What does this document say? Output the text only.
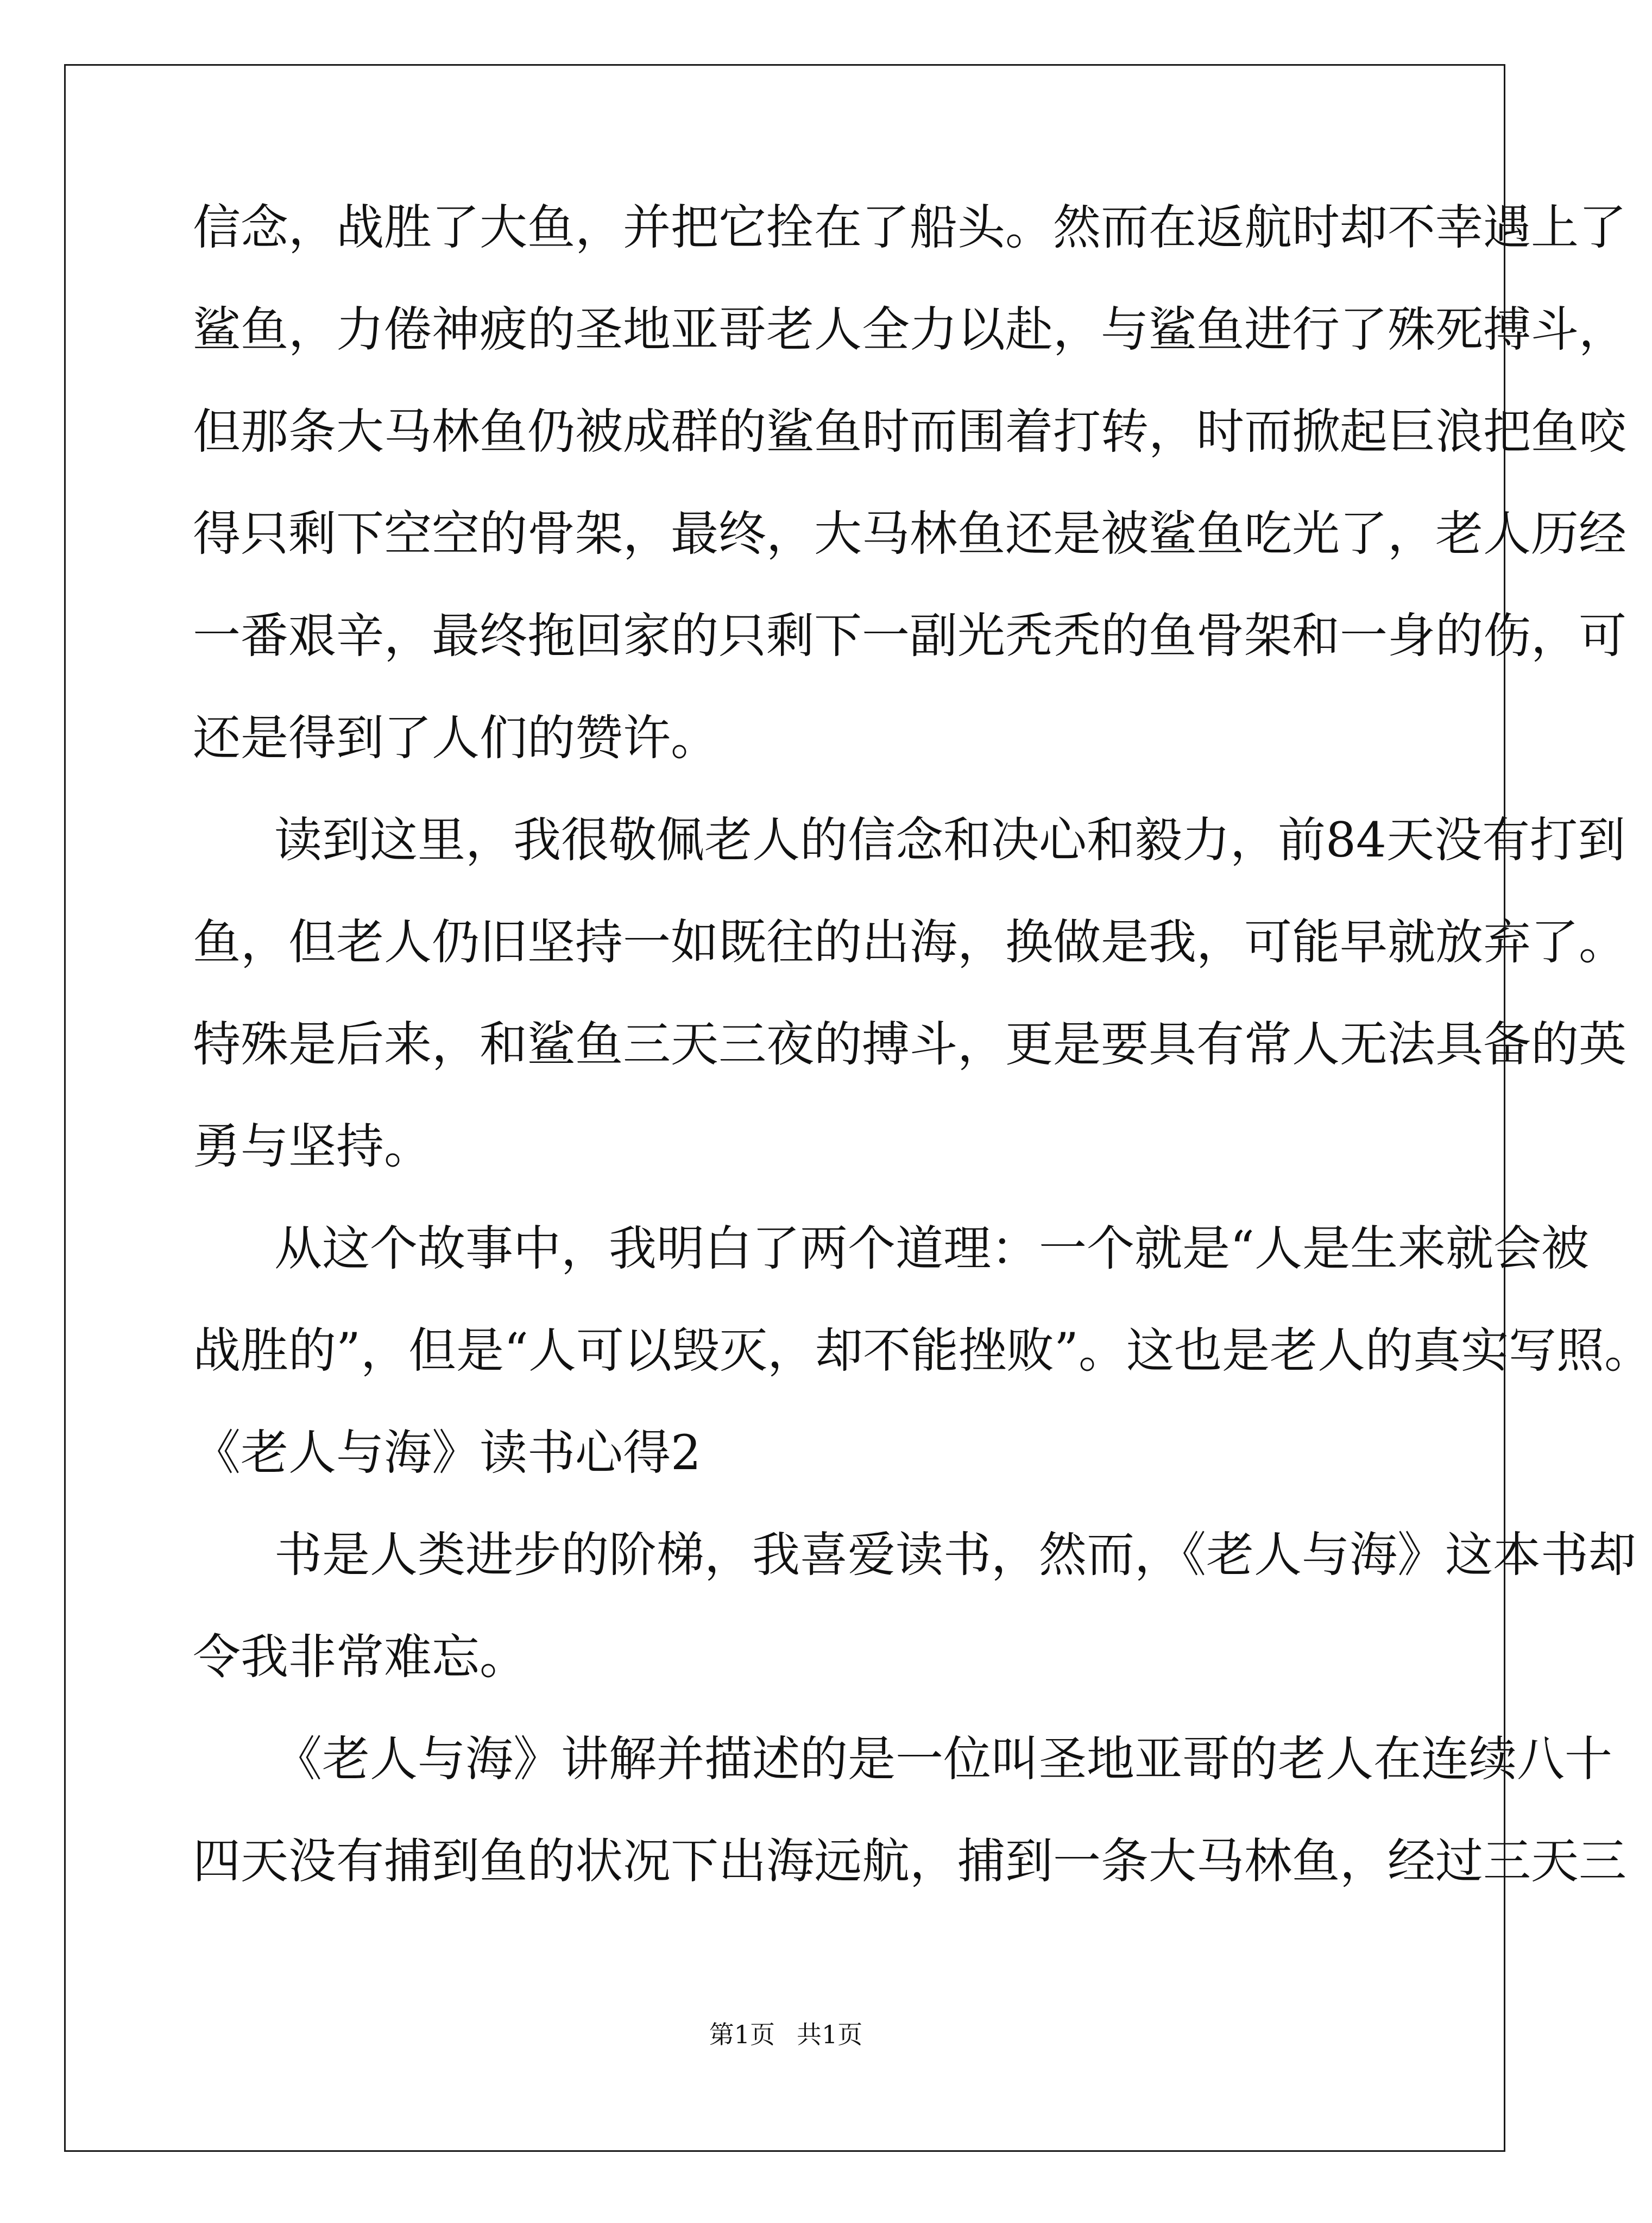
信念，战胜了大鱼，并把它拴在了船头。然而在返航时却不幸遇上了
鲨鱼，力倦神疲的圣地亚哥老人全力以赴，与鲨鱼进行了殊死搏斗，
但那条大马林鱼仍被成群的鲨鱼时而围着打转，时而掀起巨浪把鱼咬
得只剩下空空的骨架，最终，大马林鱼还是被鲨鱼吃光了，老人历经
一番艰辛，最终拖回家的只剩下一副光秃秃的鱼骨架和一身的伤，可
还是得到了人们的赞许。
读到这里，我很敬佩老人的信念和决心和毅力，前84天没有打到
鱼，但老人仍旧坚持一如既往的出海，换做是我，可能早就放弃了。
特殊是后来，和鲨鱼三天三夜的搏斗，更是要具有常人无法具备的英
勇与坚持。
从这个故事中，我明白了两个道理：一个就是“人是生来就会被
战胜的”，但是“人可以毁灭，却不能挫败”。这也是老人的真实写照。
《老人与海》读书心得2
书是人类进步的阶梯，我喜爱读书，然而，《老人与海》这本书却
令我非常难忘。
《老人与海》讲解并描述的是一位叫圣地亚哥的老人在连续八十
四天没有捕到鱼的状况下出海远航，捕到一条大马林鱼，经过三天三
第1页 共1页
